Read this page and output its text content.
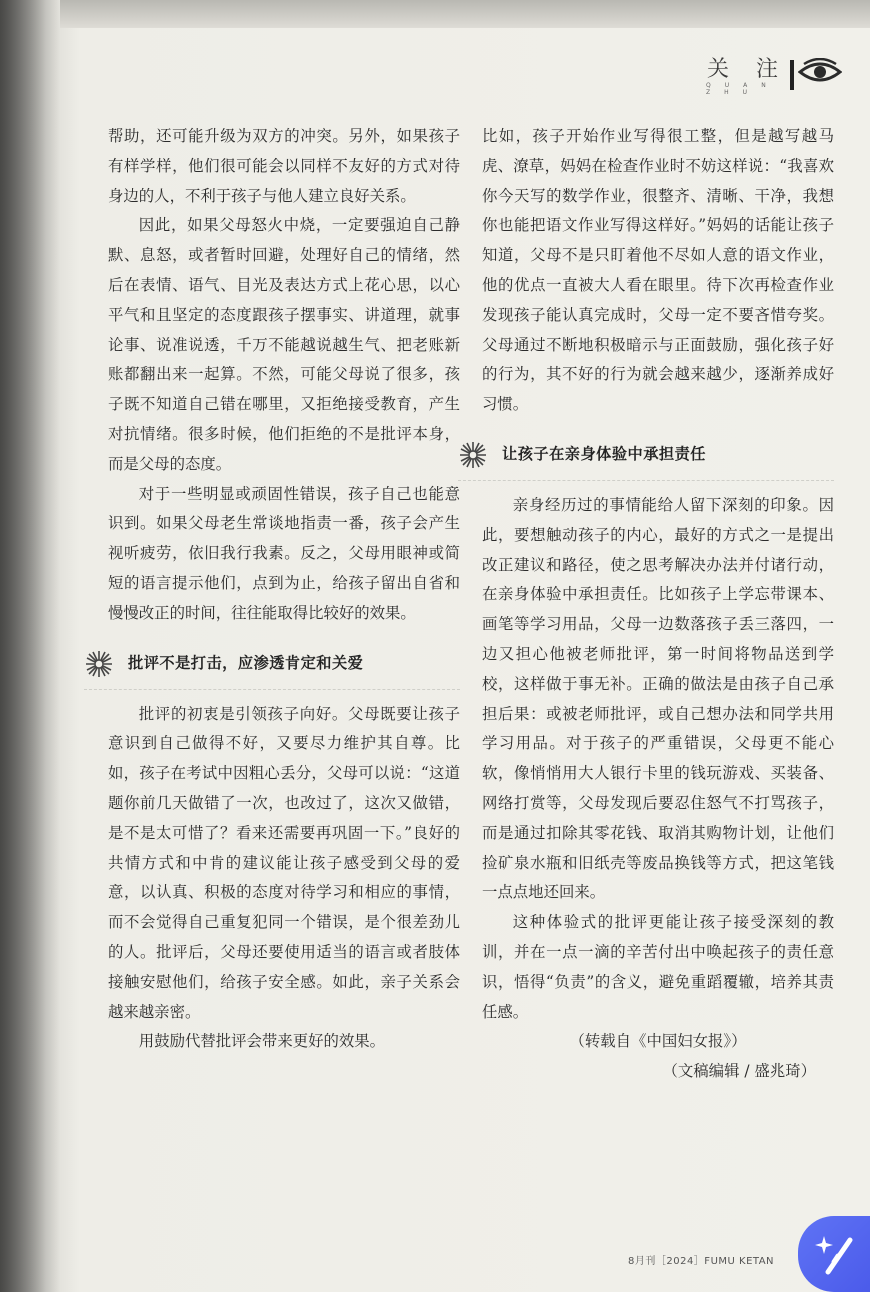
关 注
QUAN ZHU

帮助，还可能升级为双方的冲突。另外，如果孩子有样学样，他们很可能会以同样不友好的方式对待身边的人，不利于孩子与他人建立良好关系。

因此，如果父母怒火中烧，一定要强迫自己静默、息怒，或者暂时回避，处理好自己的情绪，然后在表情、语气、目光及表达方式上花心思，以心平气和且坚定的态度跟孩子摆事实、讲道理，就事论事、说准说透，千万不能越说越生气、把老账新账都翻出来一起算。不然，可能父母说了很多，孩子既不知道自己错在哪里，又拒绝接受教育，产生对抗情绪。很多时候，他们拒绝的不是批评本身，而是父母的态度。

对于一些明显或顽固性错误，孩子自己也能意识到。如果父母老生常谈地指责一番，孩子会产生视听疲劳，依旧我行我素。反之，父母用眼神或简短的语言提示他们，点到为止，给孩子留出自省和慢慢改正的时间，往往能取得比较好的效果。

批评不是打击，应渗透肯定和关爱

批评的初衷是引领孩子向好。父母既要让孩子意识到自己做得不好，又要尽力维护其自尊。比如，孩子在考试中因粗心丢分，父母可以说：“这道题你前几天做错了一次，也改过了，这次又做错，是不是太可惜了？看来还需要再巩固一下。”良好的共情方式和中肯的建议能让孩子感受到父母的爱意，以认真、积极的态度对待学习和相应的事情，而不会觉得自己重复犯同一个错误，是个很差劲儿的人。批评后，父母还要使用适当的语言或者肢体接触安慰他们，给孩子安全感。如此，亲子关系会越来越亲密。

用鼓励代替批评会带来更好的效果。

比如，孩子开始作业写得很工整，但是越写越马虎、潦草，妈妈在检查作业时不妨这样说：“我喜欢你今天写的数学作业，很整齐、清晰、干净，我想你也能把语文作业写得这样好。”妈妈的话能让孩子知道，父母不是只盯着他不尽如人意的语文作业，他的优点一直被大人看在眼里。待下次再检查作业发现孩子能认真完成时，父母一定不要吝惜夸奖。父母通过不断地积极暗示与正面鼓励，强化孩子好的行为，其不好的行为就会越来越少，逐渐养成好习惯。

让孩子在亲身体验中承担责任

亲身经历过的事情能给人留下深刻的印象。因此，要想触动孩子的内心，最好的方式之一是提出改正建议和路径，使之思考解决办法并付诸行动，在亲身体验中承担责任。比如孩子上学忘带课本、画笔等学习用品，父母一边数落孩子丢三落四，一边又担心他被老师批评，第一时间将物品送到学校，这样做于事无补。正确的做法是由孩子自己承担后果：或被老师批评，或自己想办法和同学共用学习用品。对于孩子的严重错误，父母更不能心软，像悄悄用大人银行卡里的钱玩游戏、买装备、网络打赏等，父母发现后要忍住怒气不打骂孩子，而是通过扣除其零花钱、取消其购物计划，让他们捡矿泉水瓶和旧纸壳等废品换钱等方式，把这笔钱一点点地还回来。

这种体验式的批评更能让孩子接受深刻的教训，并在一点一滴的辛苦付出中唤起孩子的责任意识，悟得“负责”的含义，避免重蹈覆辙，培养其责任感。

（转载自《中国妇女报》）

（文稿编辑 / 盛兆琦）

8月刊［2024］FUMU KETAN
